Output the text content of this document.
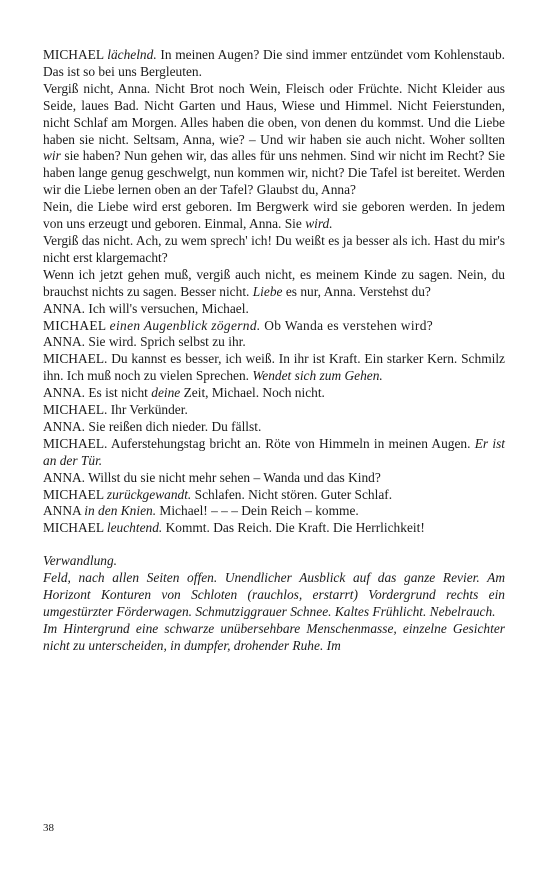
MICHAEL lächelnd. In meinen Augen? Die sind immer entzündet vom Kohlenstaub. Das ist so bei uns Bergleuten.

Vergiß nicht, Anna. Nicht Brot noch Wein, Fleisch oder Früchte. Nicht Kleider aus Seide, laues Bad. Nicht Garten und Haus, Wiese und Himmel. Nicht Feierstunden, nicht Schlaf am Morgen. Alles haben die oben, von denen du kommst. Und die Liebe haben sie nicht. Seltsam, Anna, wie? – Und wir haben sie auch nicht. Woher sollten wir sie haben? Nun gehen wir, das alles für uns nehmen. Sind wir nicht im Recht? Sie haben lange genug geschwelgt, nun kommen wir, nicht? Die Tafel ist bereitet. Werden wir die Liebe lernen oben an der Tafel? Glaubst du, Anna?

Nein, die Liebe wird erst geboren. Im Bergwerk wird sie geboren werden. In jedem von uns erzeugt und geboren. Einmal, Anna. Sie wird.

Vergiß das nicht. Ach, zu wem sprech' ich! Du weißt es ja besser als ich. Hast du mir's nicht erst klargemacht?

Wenn ich jetzt gehen muß, vergiß auch nicht, es meinem Kinde zu sagen. Nein, du brauchst nichts zu sagen. Besser nicht. Liebe es nur, Anna. Verstehst du?

ANNA. Ich will's versuchen, Michael.

MICHAEL einen Augenblick zögernd. Ob Wanda es verstehen wird?

ANNA. Sie wird. Sprich selbst zu ihr.

MICHAEL. Du kannst es besser, ich weiß. In ihr ist Kraft. Ein starker Kern. Schmilz ihn. Ich muß noch zu vielen Sprechen. Wendet sich zum Gehen.

ANNA. Es ist nicht deine Zeit, Michael. Noch nicht.

MICHAEL. Ihr Verkünder.

ANNA. Sie reißen dich nieder. Du fällst.

MICHAEL. Auferstehungstag bricht an. Röte von Himmeln in meinen Augen. Er ist an der Tür.

ANNA. Willst du sie nicht mehr sehen – Wanda und das Kind?

MICHAEL zurückgewandt. Schlafen. Nicht stören. Guter Schlaf.

ANNA in den Knien. Michael! – – – Dein Reich – komme.

MICHAEL leuchtend. Kommt. Das Reich. Die Kraft. Die Herrlichkeit!

Verwandlung.

Feld, nach allen Seiten offen. Unendlicher Ausblick auf das ganze Revier. Am Horizont Konturen von Schloten (rauchlos, erstarrt) Vordergrund rechts ein umgestürzter Förderwagen. Schmutziggrauer Schnee. Kaltes Frühlicht. Nebelrauch.

Im Hintergrund eine schwarze unübersehbare Menschenmasse, einzelne Gesichter nicht zu unterscheiden, in dumpfer, drohender Ruhe. Im

38
